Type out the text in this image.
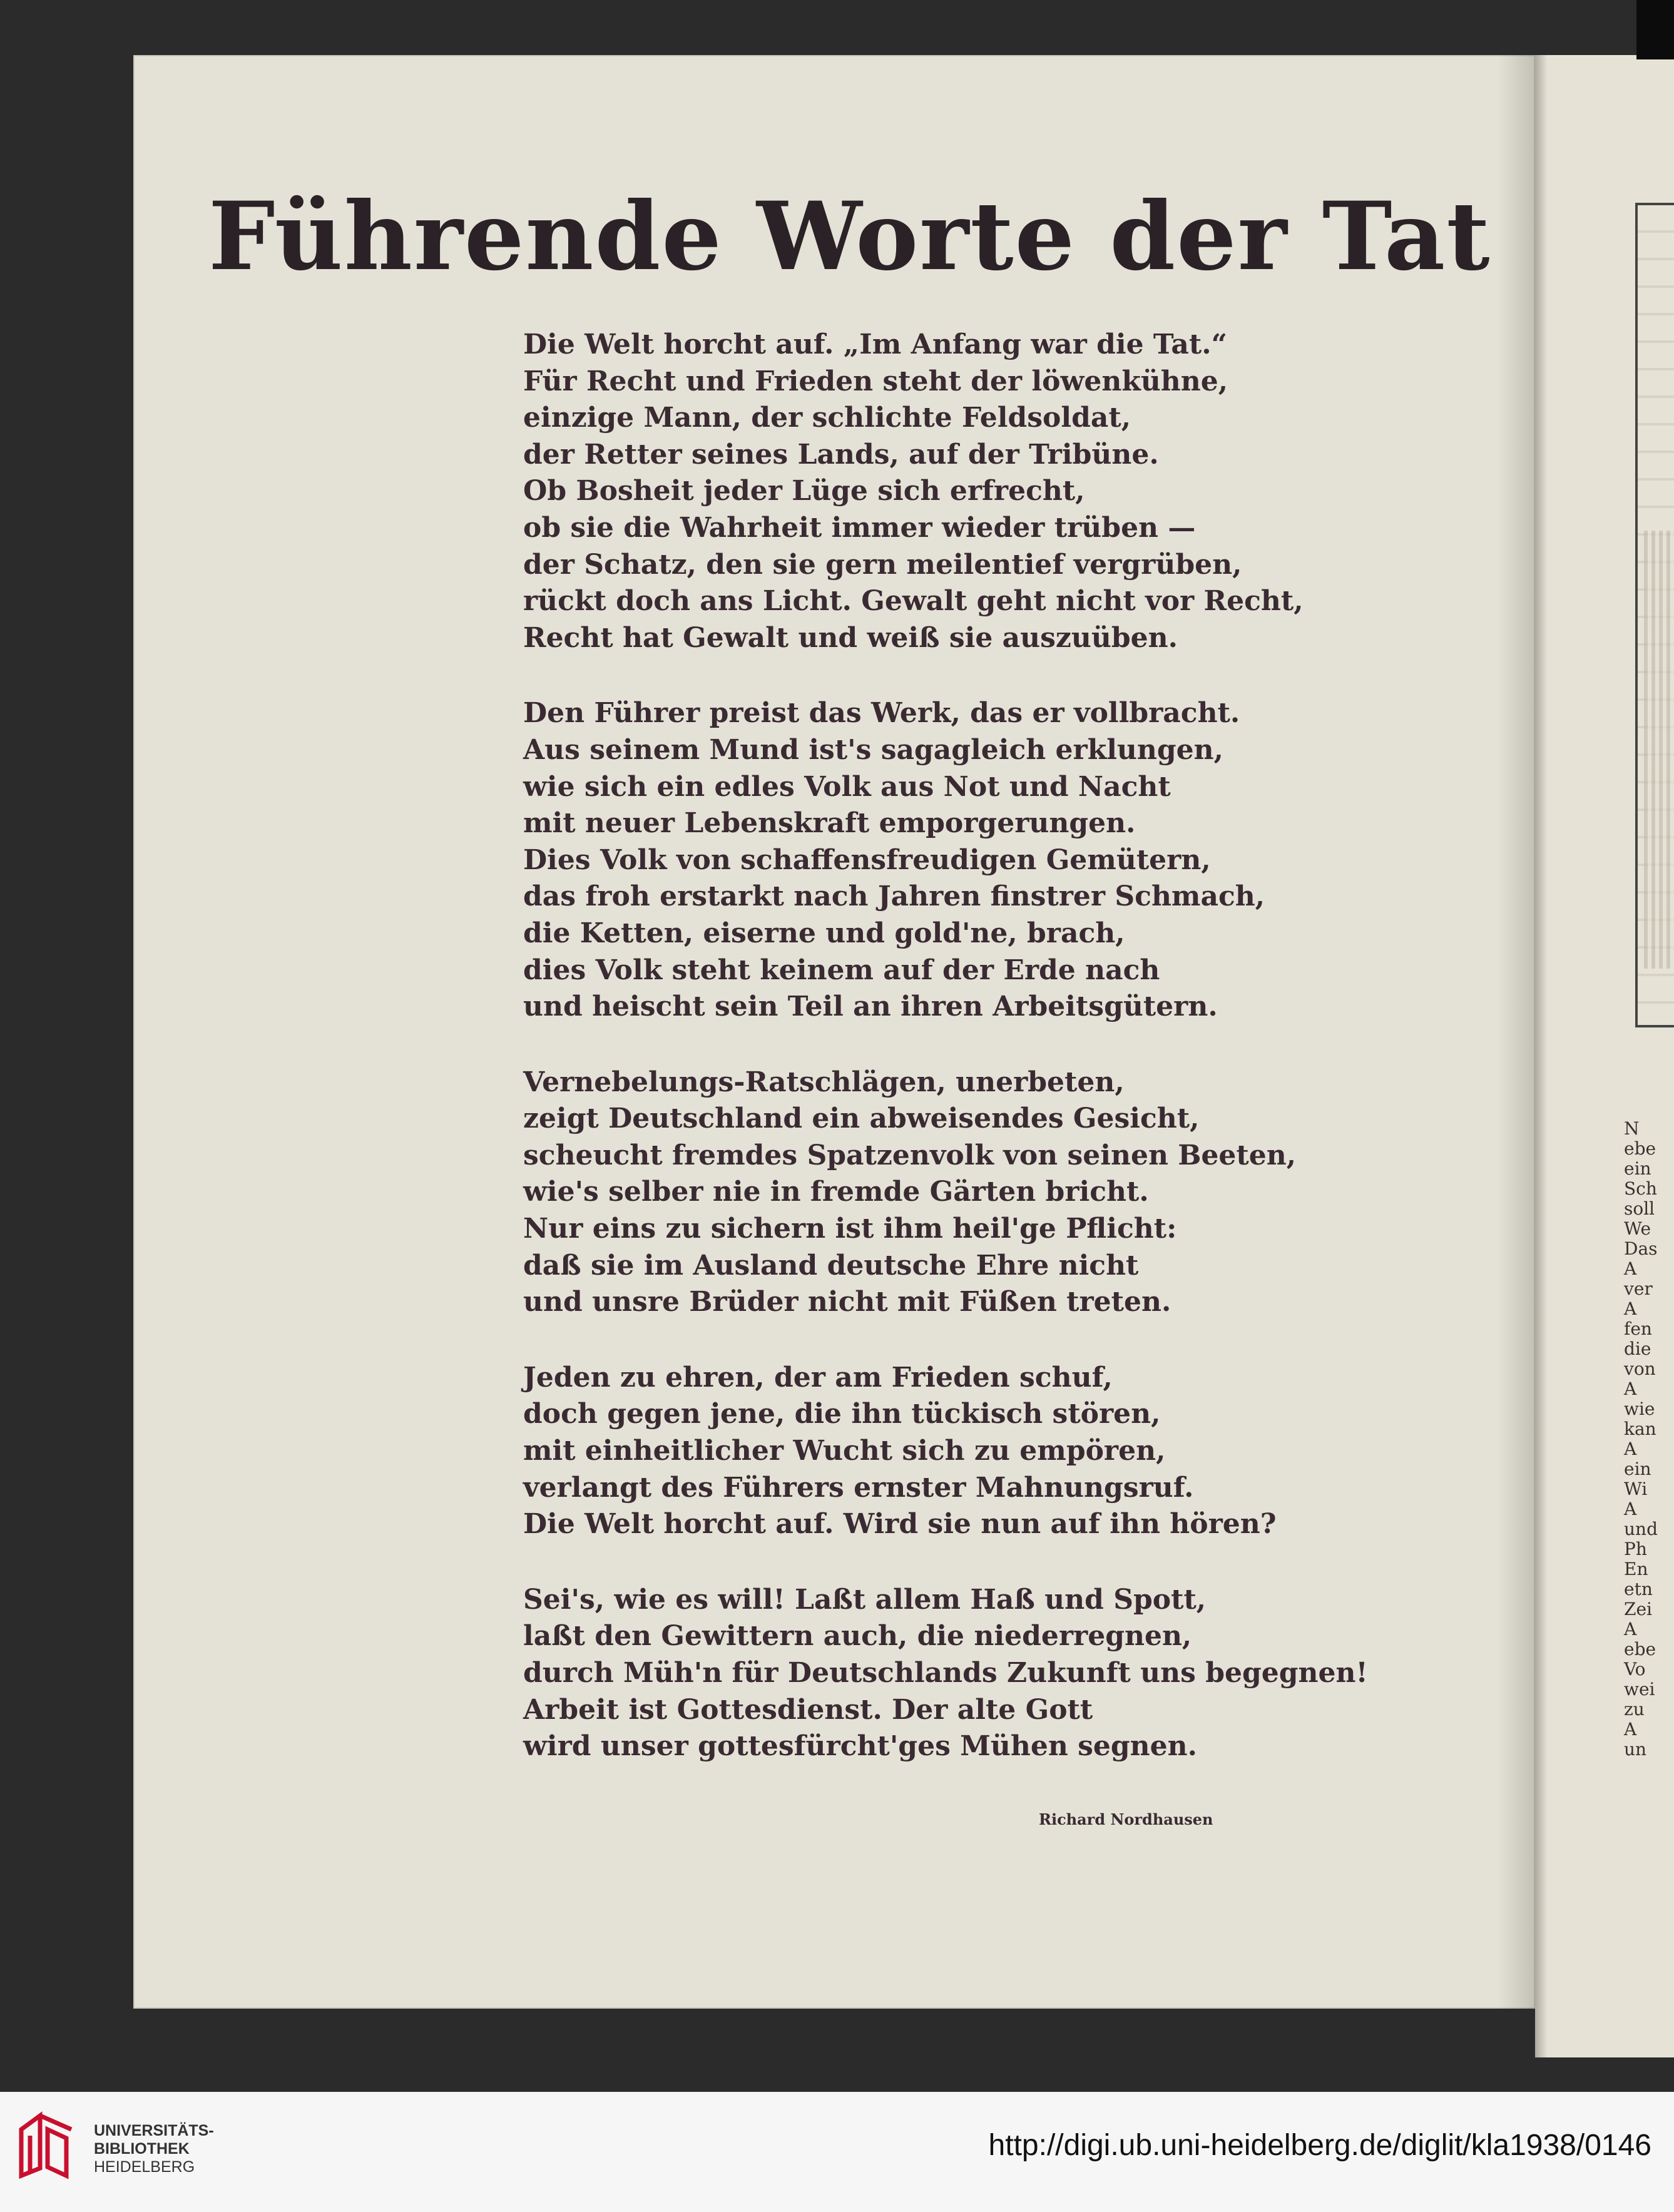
Führende Worte der Tat
Die Welt horcht auf. „Im Anfang war die Tat.“
Für Recht und Frieden steht der löwenkühne,
einzige Mann, der schlichte Feldsoldat,
der Retter seines Lands, auf der Tribüne.
Ob Bosheit jeder Lüge sich erfrecht,
ob sie die Wahrheit immer wieder trüben —
der Schatz, den sie gern meilentief vergrüben,
rückt doch ans Licht. Gewalt geht nicht vor Recht,
Recht hat Gewalt und weiß sie auszuüben.
Den Führer preist das Werk, das er vollbracht.
Aus seinem Mund ist's sagagleich erklungen,
wie sich ein edles Volk aus Not und Nacht
mit neuer Lebenskraft emporgerungen.
Dies Volk von schaffensfreudigen Gemütern,
das froh erstarkt nach Jahren finstrer Schmach,
die Ketten, eiserne und gold'ne, brach,
dies Volk steht keinem auf der Erde nach
und heischt sein Teil an ihren Arbeitsgütern.
Vernebelungs-Ratschlägen, unerbeten,
zeigt Deutschland ein abweisendes Gesicht,
scheucht fremdes Spatzenvolk von seinen Beeten,
wie's selber nie in fremde Gärten bricht.
Nur eins zu sichern ist ihm heil'ge Pflicht:
daß sie im Ausland deutsche Ehre nicht
und unsre Brüder nicht mit Füßen treten.
Jeden zu ehren, der am Frieden schuf,
doch gegen jene, die ihn tückisch stören,
mit einheitlicher Wucht sich zu empören,
verlangt des Führers ernster Mahnungsruf.
Die Welt horcht auf. Wird sie nun auf ihn hören?
Sei's, wie es will! Laßt allem Haß und Spott,
laßt den Gewittern auch, die niederregnen,
durch Müh'n für Deutschlands Zukunft uns begegnen!
Arbeit ist Gottesdienst. Der alte Gott
wird unser gottesfürcht'ges Mühen segnen.
Richard Nordhausen
N
ebe
ein
Sch
soll
We
Das
A
ver
A
fen
die
von
A
wie
kan
A
ein
Wi
A
und
Ph
En
etn
Zei
A
ebe
Vo
wei
zu
A
un
UNIVERSITÄTS-
BIBLIOTHEK
HEIDELBERG
http://digi.ub.uni-heidelberg.de/diglit/kla1938/0146
